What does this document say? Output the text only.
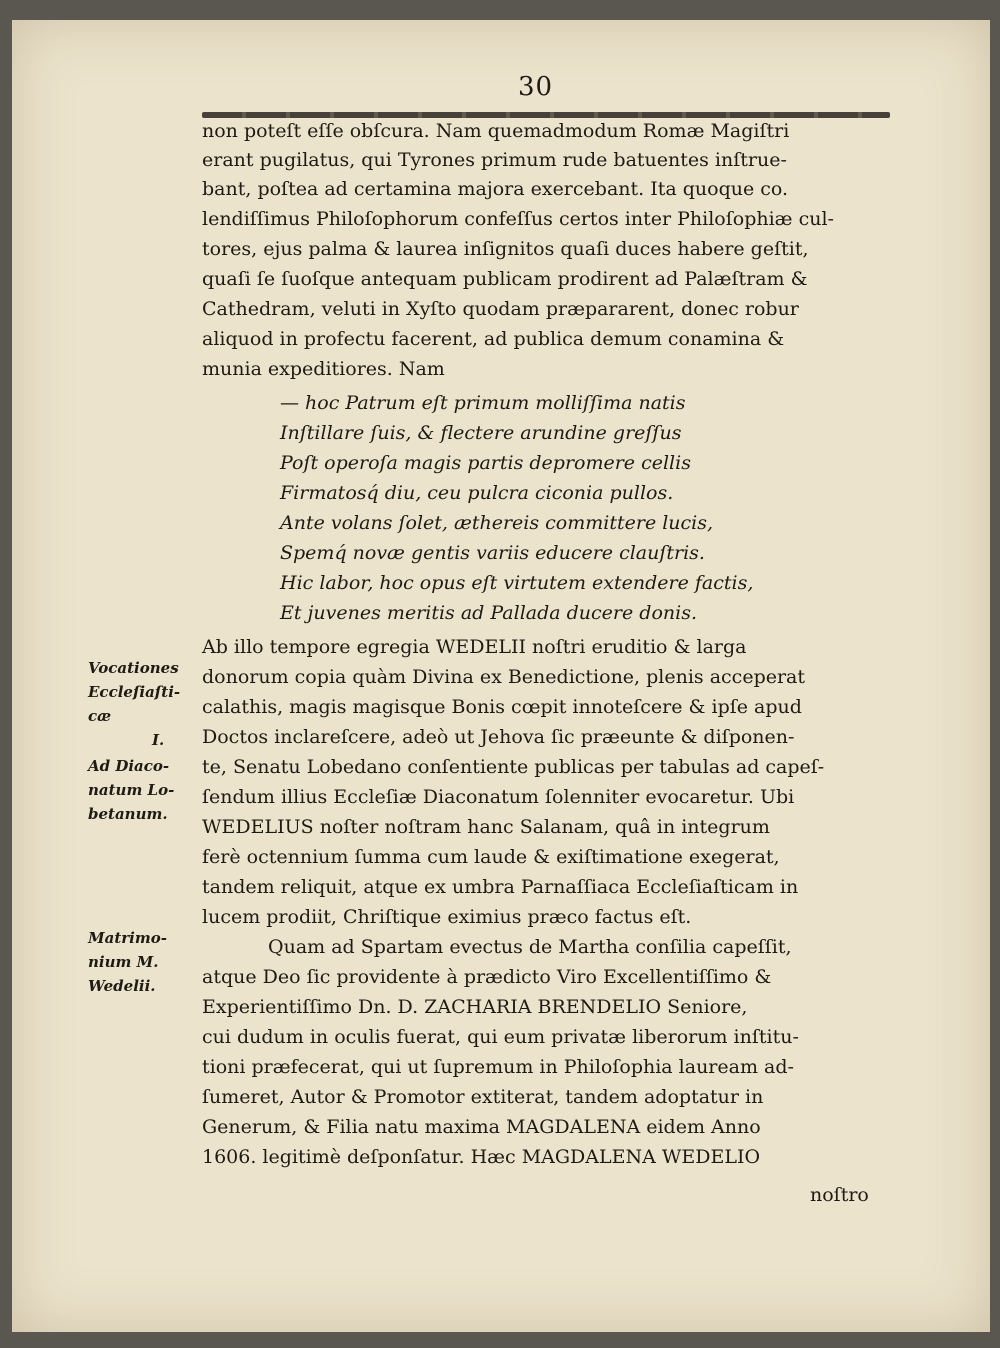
30
non poteſt eſſe obſcura. Nam quemadmodum Romæ Magiſtri
erant pugilatus, qui Tyrones primum rude batuentes inſtrue-
bant, poſtea ad certamina majora exercebant. Ita quoque co.
lendiſſimus Philoſophorum confeſſus certos inter Philoſophiæ cul-
tores, ejus palma & laurea inſignitos quaſi duces habere geſtit,
quaſi ſe ſuoſque antequam publicam prodirent ad Palæſtram &
Cathedram, veluti in Xyſto quodam præpararent, donec robur
aliquod in profectu facerent, ad publica demum conamina &
munia expeditiores. Nam
— hoc Patrum eſt primum molliſſima natis
Inſtillare ſuis, & flectere arundine greſſus
Poſt operoſa magis partis depromere cellis
Firmatosq́ diu, ceu pulcra ciconia pullos.
Ante volans ſolet, æthereis committere lucis,
Spemq́ novæ gentis variis educere clauſtris.
Hic labor, hoc opus eſt virtutem extendere factis,
Et juvenes meritis ad Pallada ducere donis.
Ab illo tempore egregia WEDELII noſtri eruditio & larga
donorum copia quàm Divina ex Benedictione, plenis acceperat
calathis, magis magisque Bonis cœpit innoteſcere & ipſe apud
Doctos inclareſcere, adeò ut Jehova ſic præeunte & diſponen-
te, Senatu Lobedano conſentiente publicas per tabulas ad capeſ-
ſendum illius Eccleſiæ Diaconatum ſolenniter evocaretur. Ubi
WEDELIUS noſter noſtram hanc Salanam, quâ in integrum
ferè octennium ſumma cum laude & exiſtimatione exegerat,
tandem reliquit, atque ex umbra Parnaſſiaca Eccleſiaſticam in
lucem prodiit, Chriſtique eximius præco factus eſt.
Quam ad Spartam evectus de Martha conſilia capeſſit,
atque Deo ſic providente à prædicto Viro Excellentiſſimo &
Experientiſſimo Dn. D. ZACHARIA BRENDELIO Seniore,
cui dudum in oculis fuerat, qui eum privatæ liberorum inſtitu-
tioni præfecerat, qui ut ſupremum in Philoſophia lauream ad-
ſumeret, Autor & Promotor extiterat, tandem adoptatur in
Generum, & Filia natu maxima MAGDALENA eidem Anno
1606. legitimè deſponſatur. Hæc MAGDALENA WEDELIO
noſtro
Vocationes
Eccleſiaſti-
cæ
I.
Ad Diaco-
natum Lo-
betanum.
Matrimo-
nium M.
Wedelii.
